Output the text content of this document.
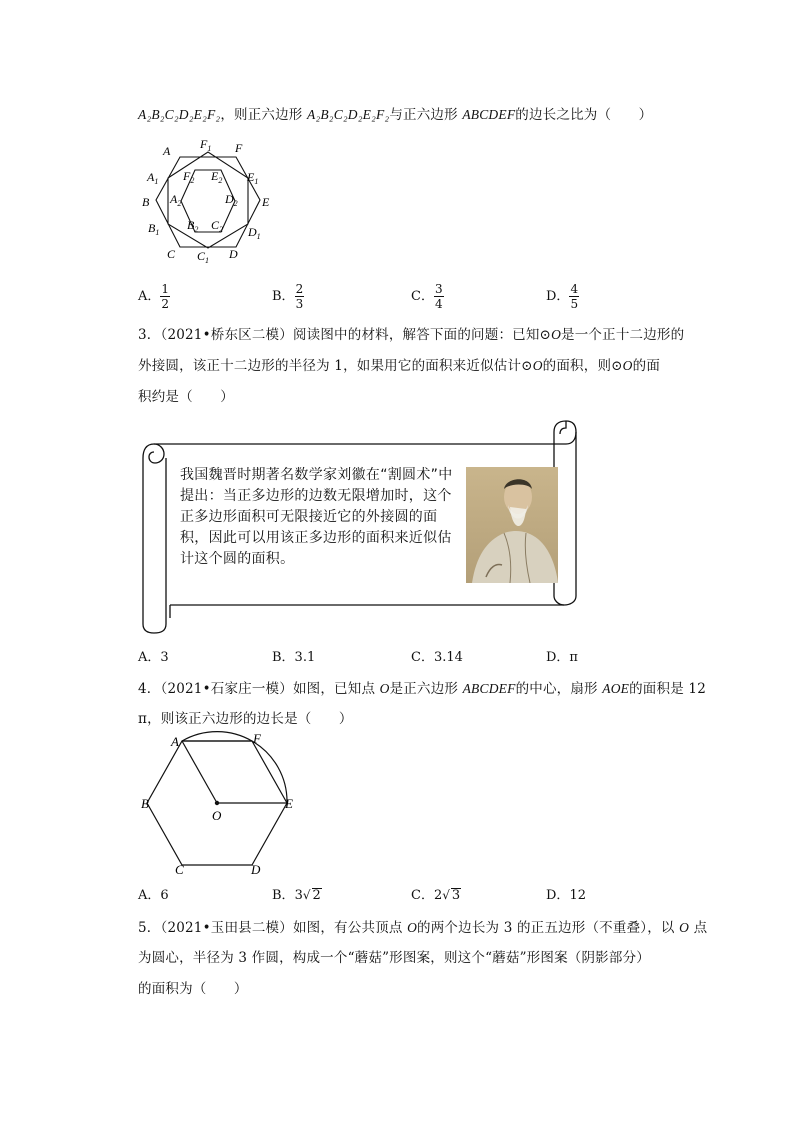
A₂B₂C₂D₂E₂F₂，则正六边形 A₂B₂C₂D₂E₂F₂与正六边形 ABCDEF的边长之比为（　　）
A $F_1$ F
$A_1$ $F_2$ $E_2$ $E_1$
B $A_2$	$D_2$ E
$B_1$
$B_2$ $C_2$ $D_1$
C $C_1$ D
A． $\frac{1}{2}$	B． $\frac{2}{3}$	C． $\frac{3}{4}$	D． $\frac{4}{5}$
3．（2021•桥东区二模）阅读图中的材料，解答下面的问题：已知⊙O是一个正十二边形的
外接圆，该正十二边形的半径为 1，如果用它的面积来近似估计⊙O的面积，则⊙O的面
积约是（　　）
我国魏晋时期著名数学家刘徽在“割圆术”中提出：当正多边形的边数无限增加时，这个正多边形面积可无限接近它的外接圆的面积，因此可以用该正多边形的面积来近似估计这个圆的面积。
A．3	B．3.1	C．3.14	D．π
4．（2021•石家庄一模）如图，已知点 O是正六边形 ABCDEF的中心，扇形 AOE的面积是 12
π，则该正六边形的边长是（　　）
A	F
B
O
E
C	D
A．6	B．3√ 2	C．2√ 3	D．12
5．（2021•玉田县二模）如图，有公共顶点 O的两个边长为 3 的正五边形（不重叠），以 O 点
为圆心，半径为 3 作圆，构成一个“蘑菇”形图案，则这个“蘑菇”形图案（阴影部分）
的面积为（　　）
